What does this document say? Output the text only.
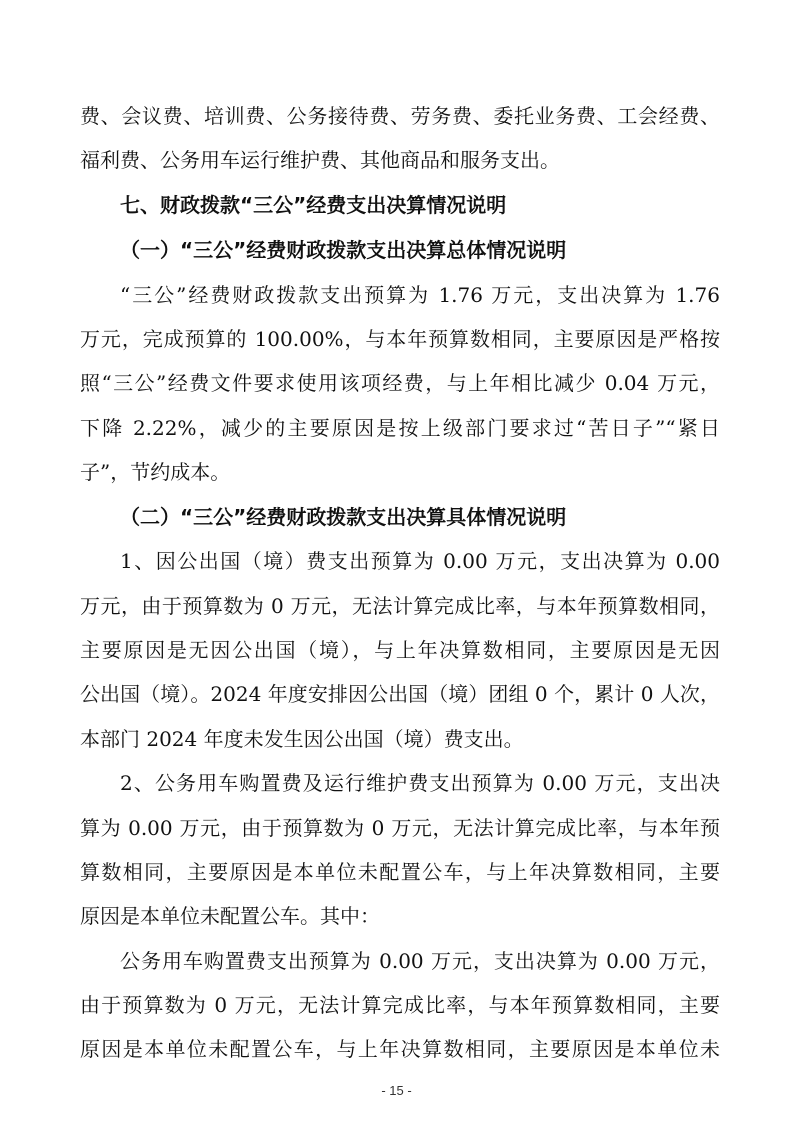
费、会议费、培训费、公务接待费、劳务费、委托业务费、工会经费、
福利费、公务用车运行维护费、其他商品和服务支出。
七、财政拨款“三公”经费支出决算情况说明
（一）“三公”经费财政拨款支出决算总体情况说明
“三公”经费财政拨款支出预算为 1.76 万元，支出决算为 1.76
万元，完成预算的 100.00%，与本年预算数相同，主要原因是严格按
照“三公”经费文件要求使用该项经费，与上年相比减少 0.04 万元，
下降 2.22%，减少的主要原因是按上级部门要求过“苦日子”“紧日
子”，节约成本。
（二）“三公”经费财政拨款支出决算具体情况说明
1、因公出国（境）费支出预算为 0.00 万元，支出决算为 0.00
万元，由于预算数为 0 万元，无法计算完成比率，与本年预算数相同，
主要原因是无因公出国（境），与上年决算数相同，主要原因是无因
公出国（境）。2024 年度安排因公出国（境）团组 0 个，累计 0 人次，
本部门 2024 年度未发生因公出国（境）费支出。
2、公务用车购置费及运行维护费支出预算为 0.00 万元，支出决
算为 0.00 万元，由于预算数为 0 万元，无法计算完成比率，与本年预
算数相同，主要原因是本单位未配置公车，与上年决算数相同，主要
原因是本单位未配置公车。其中：
公务用车购置费支出预算为 0.00 万元，支出决算为 0.00 万元，
由于预算数为 0 万元，无法计算完成比率，与本年预算数相同，主要
原因是本单位未配置公车，与上年决算数相同，主要原因是本单位未
- 15 -
